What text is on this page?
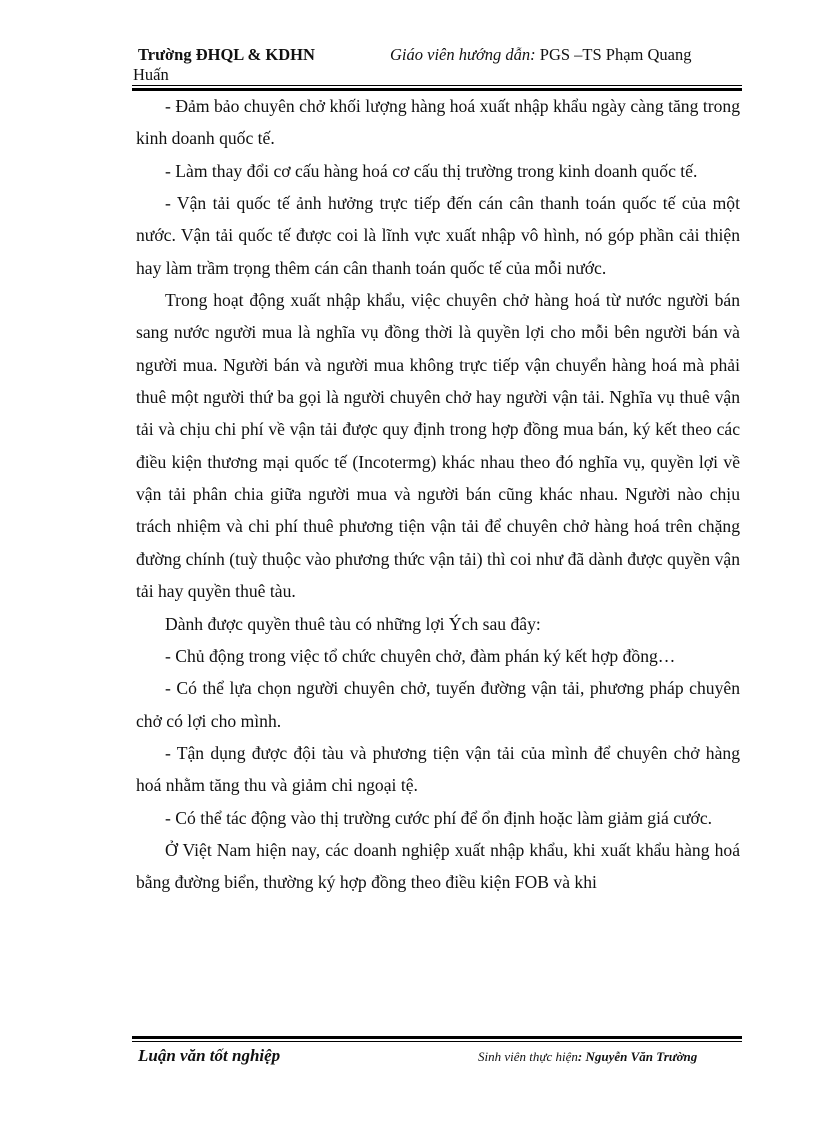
Trường ĐHQL & KDHN	Giáo viên hướng dẫn: PGS –TS Phạm Quang
Huấn

- Đảm bảo chuyên chở khối lượng hàng hoá xuất nhập khẩu ngày càng tăng trong kinh doanh quốc tế.

- Làm thay đổi cơ cấu hàng hoá cơ cấu thị trường trong kinh doanh quốc tế.

- Vận tải quốc tế ảnh hưởng trực tiếp đến cán cân thanh toán quốc tế của một nước. Vận tải quốc tế được coi là lĩnh vực xuất nhập vô hình, nó góp phần cải thiện hay làm trầm trọng thêm cán cân thanh toán quốc tế của mỗi nước.

Trong hoạt động xuất nhập khẩu, việc chuyên chở hàng hoá từ nước người bán sang nước người mua là nghĩa vụ đồng thời là quyền lợi cho mỗi bên người bán và người mua. Người bán và người mua không trực tiếp vận chuyển hàng hoá mà phải thuê một người thứ ba gọi là người chuyên chở hay người vận tải. Nghĩa vụ thuê vận tải và chịu chi phí về vận tải được quy định trong hợp đồng mua bán, ký kết theo các điều kiện thương mại quốc tế (Incotermg) khác nhau theo đó nghĩa vụ, quyền lợi về vận tải phân chia giữa người mua và người bán cũng khác nhau. Người nào chịu trách nhiệm và chi phí thuê phương tiện vận tải để chuyên chở hàng hoá trên chặng đường chính (tuỳ thuộc vào phương thức vận tải) thì coi như đã dành được quyền vận tải hay quyền thuê tàu.

Dành được quyền thuê tàu có những lợi Ých sau đây:

- Chủ động trong việc tổ chức chuyên chở, đàm phán ký kết hợp đồng…

- Có thể lựa chọn người chuyên chở, tuyến đường vận tải, phương pháp chuyên chở có lợi cho mình.

- Tận dụng được đội tàu và phương tiện vận tải của mình để chuyên chở hàng hoá nhằm tăng thu và giảm chi ngoại tệ.

- Có thể tác động vào thị trường cước phí để ổn định hoặc làm giảm giá cước.

Ở Việt Nam hiện nay, các doanh nghiệp xuất nhập khẩu, khi xuất khẩu hàng hoá bằng đường biển, thường ký hợp đồng theo điều kiện FOB và khi

Luận văn tốt nghiệp	Sinh viên thực hiện: Nguyễn Văn Trường
